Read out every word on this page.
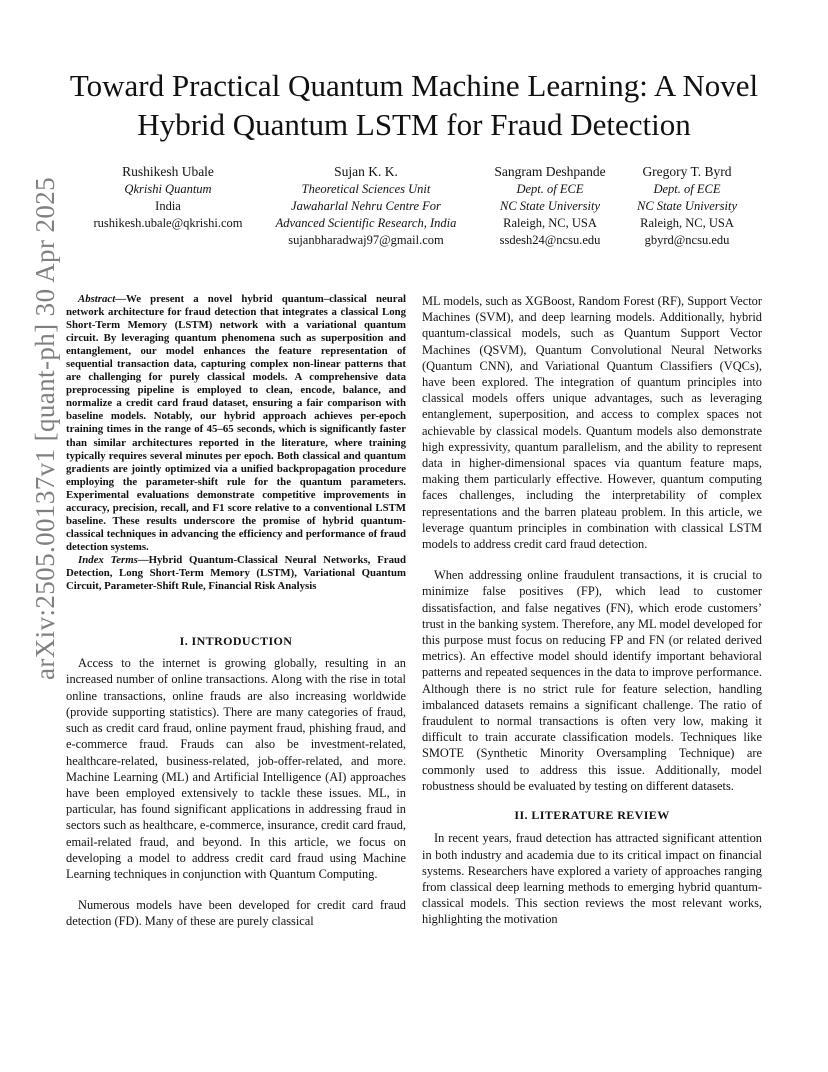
Toward Practical Quantum Machine Learning: A Novel Hybrid Quantum LSTM for Fraud Detection
Rushikesh Ubale
Qkrishi Quantum
India
rushikesh.ubale@qkrishi.com
Sujan K. K.
Theoretical Sciences Unit
Jawaharlal Nehru Centre For
Advanced Scientific Research, India
sujanbharadwaj97@gmail.com
Sangram Deshpande
Dept. of ECE
NC State University
Raleigh, NC, USA
ssdesh24@ncsu.edu
Gregory T. Byrd
Dept. of ECE
NC State University
Raleigh, NC, USA
gbyrd@ncsu.edu
arXiv:2505.00137v1 [quant-ph] 30 Apr 2025	Abstract—We present a novel hybrid quantum–classical neural network architecture for fraud detection that integrates a classical Long Short-Term Memory (LSTM) network with a variational quantum circuit. By leveraging quantum phenomena such as superposition and entanglement, our model enhances the feature representation of sequential transaction data, capturing complex non-linear patterns that are challenging for purely classical models. A comprehensive data preprocessing pipeline is employed to clean, encode, balance, and normalize a credit card fraud dataset, ensuring a fair comparison with baseline models. Notably, our hybrid approach achieves per-epoch training times in the range of 45–65 seconds, which is significantly faster than similar architectures reported in the literature, where training typically requires several minutes per epoch. Both classical and quantum gradients are jointly optimized via a unified backpropagation procedure employing the parameter-shift rule for the quantum parameters. Experimental evaluations demonstrate competitive improvements in accuracy, precision, recall, and F1 score relative to a conventional LSTM baseline. These results underscore the promise of hybrid quantum-classical techniques in advancing the efficiency and performance of fraud detection systems.

Index Terms—Hybrid Quantum-Classical Neural Networks, Fraud Detection, Long Short-Term Memory (LSTM), Variational Quantum Circuit, Parameter-Shift Rule, Financial Risk Analysis

I. INTRODUCTION

Access to the internet is growing globally, resulting in an increased number of online transactions. Along with the rise in total online transactions, online frauds are also increasing worldwide (provide supporting statistics). There are many categories of fraud, such as credit card fraud, online payment fraud, phishing fraud, and e-commerce fraud. Frauds can also be investment-related, healthcare-related, business-related, job-offer-related, and more. Machine Learning (ML) and Artificial Intelligence (AI) approaches have been employed extensively to tackle these issues. ML, in particular, has found significant applications in addressing fraud in sectors such as healthcare, e-commerce, insurance, credit card fraud, email-related fraud, and beyond. In this article, we focus on developing a model to address credit card fraud using Machine Learning techniques in conjunction with Quantum Computing.

Numerous models have been developed for credit card fraud detection (FD). Many of these are purely classical

ML models, such as XGBoost, Random Forest (RF), Support Vector Machines (SVM), and deep learning models. Additionally, hybrid quantum-classical models, such as Quantum Support Vector Machines (QSVM), Quantum Convolutional Neural Networks (Quantum CNN), and Variational Quantum Classifiers (VQCs), have been explored. The integration of quantum principles into classical models offers unique advantages, such as leveraging entanglement, superposition, and access to complex spaces not achievable by classical models. Quantum models also demonstrate high expressivity, quantum parallelism, and the ability to represent data in higher-dimensional spaces via quantum feature maps, making them particularly effective. However, quantum computing faces challenges, including the interpretability of complex representations and the barren plateau problem. In this article, we leverage quantum principles in combination with classical LSTM models to address credit card fraud detection.

When addressing online fraudulent transactions, it is crucial to minimize false positives (FP), which lead to customer dissatisfaction, and false negatives (FN), which erode customers’ trust in the banking system. Therefore, any ML model developed for this purpose must focus on reducing FP and FN (or related derived metrics). An effective model should identify important behavioral patterns and repeated sequences in the data to improve performance. Although there is no strict rule for feature selection, handling imbalanced datasets remains a significant challenge. The ratio of fraudulent to normal transactions is often very low, making it difficult to train accurate classification models. Techniques like SMOTE (Synthetic Minority Oversampling Technique) are commonly used to address this issue. Additionally, model robustness should be evaluated by testing on different datasets.

II. LITERATURE REVIEW

In recent years, fraud detection has attracted significant attention in both industry and academia due to its critical impact on financial systems. Researchers have explored a variety of approaches ranging from classical deep learning methods to emerging hybrid quantum-classical models. This section reviews the most relevant works, highlighting the motivation
